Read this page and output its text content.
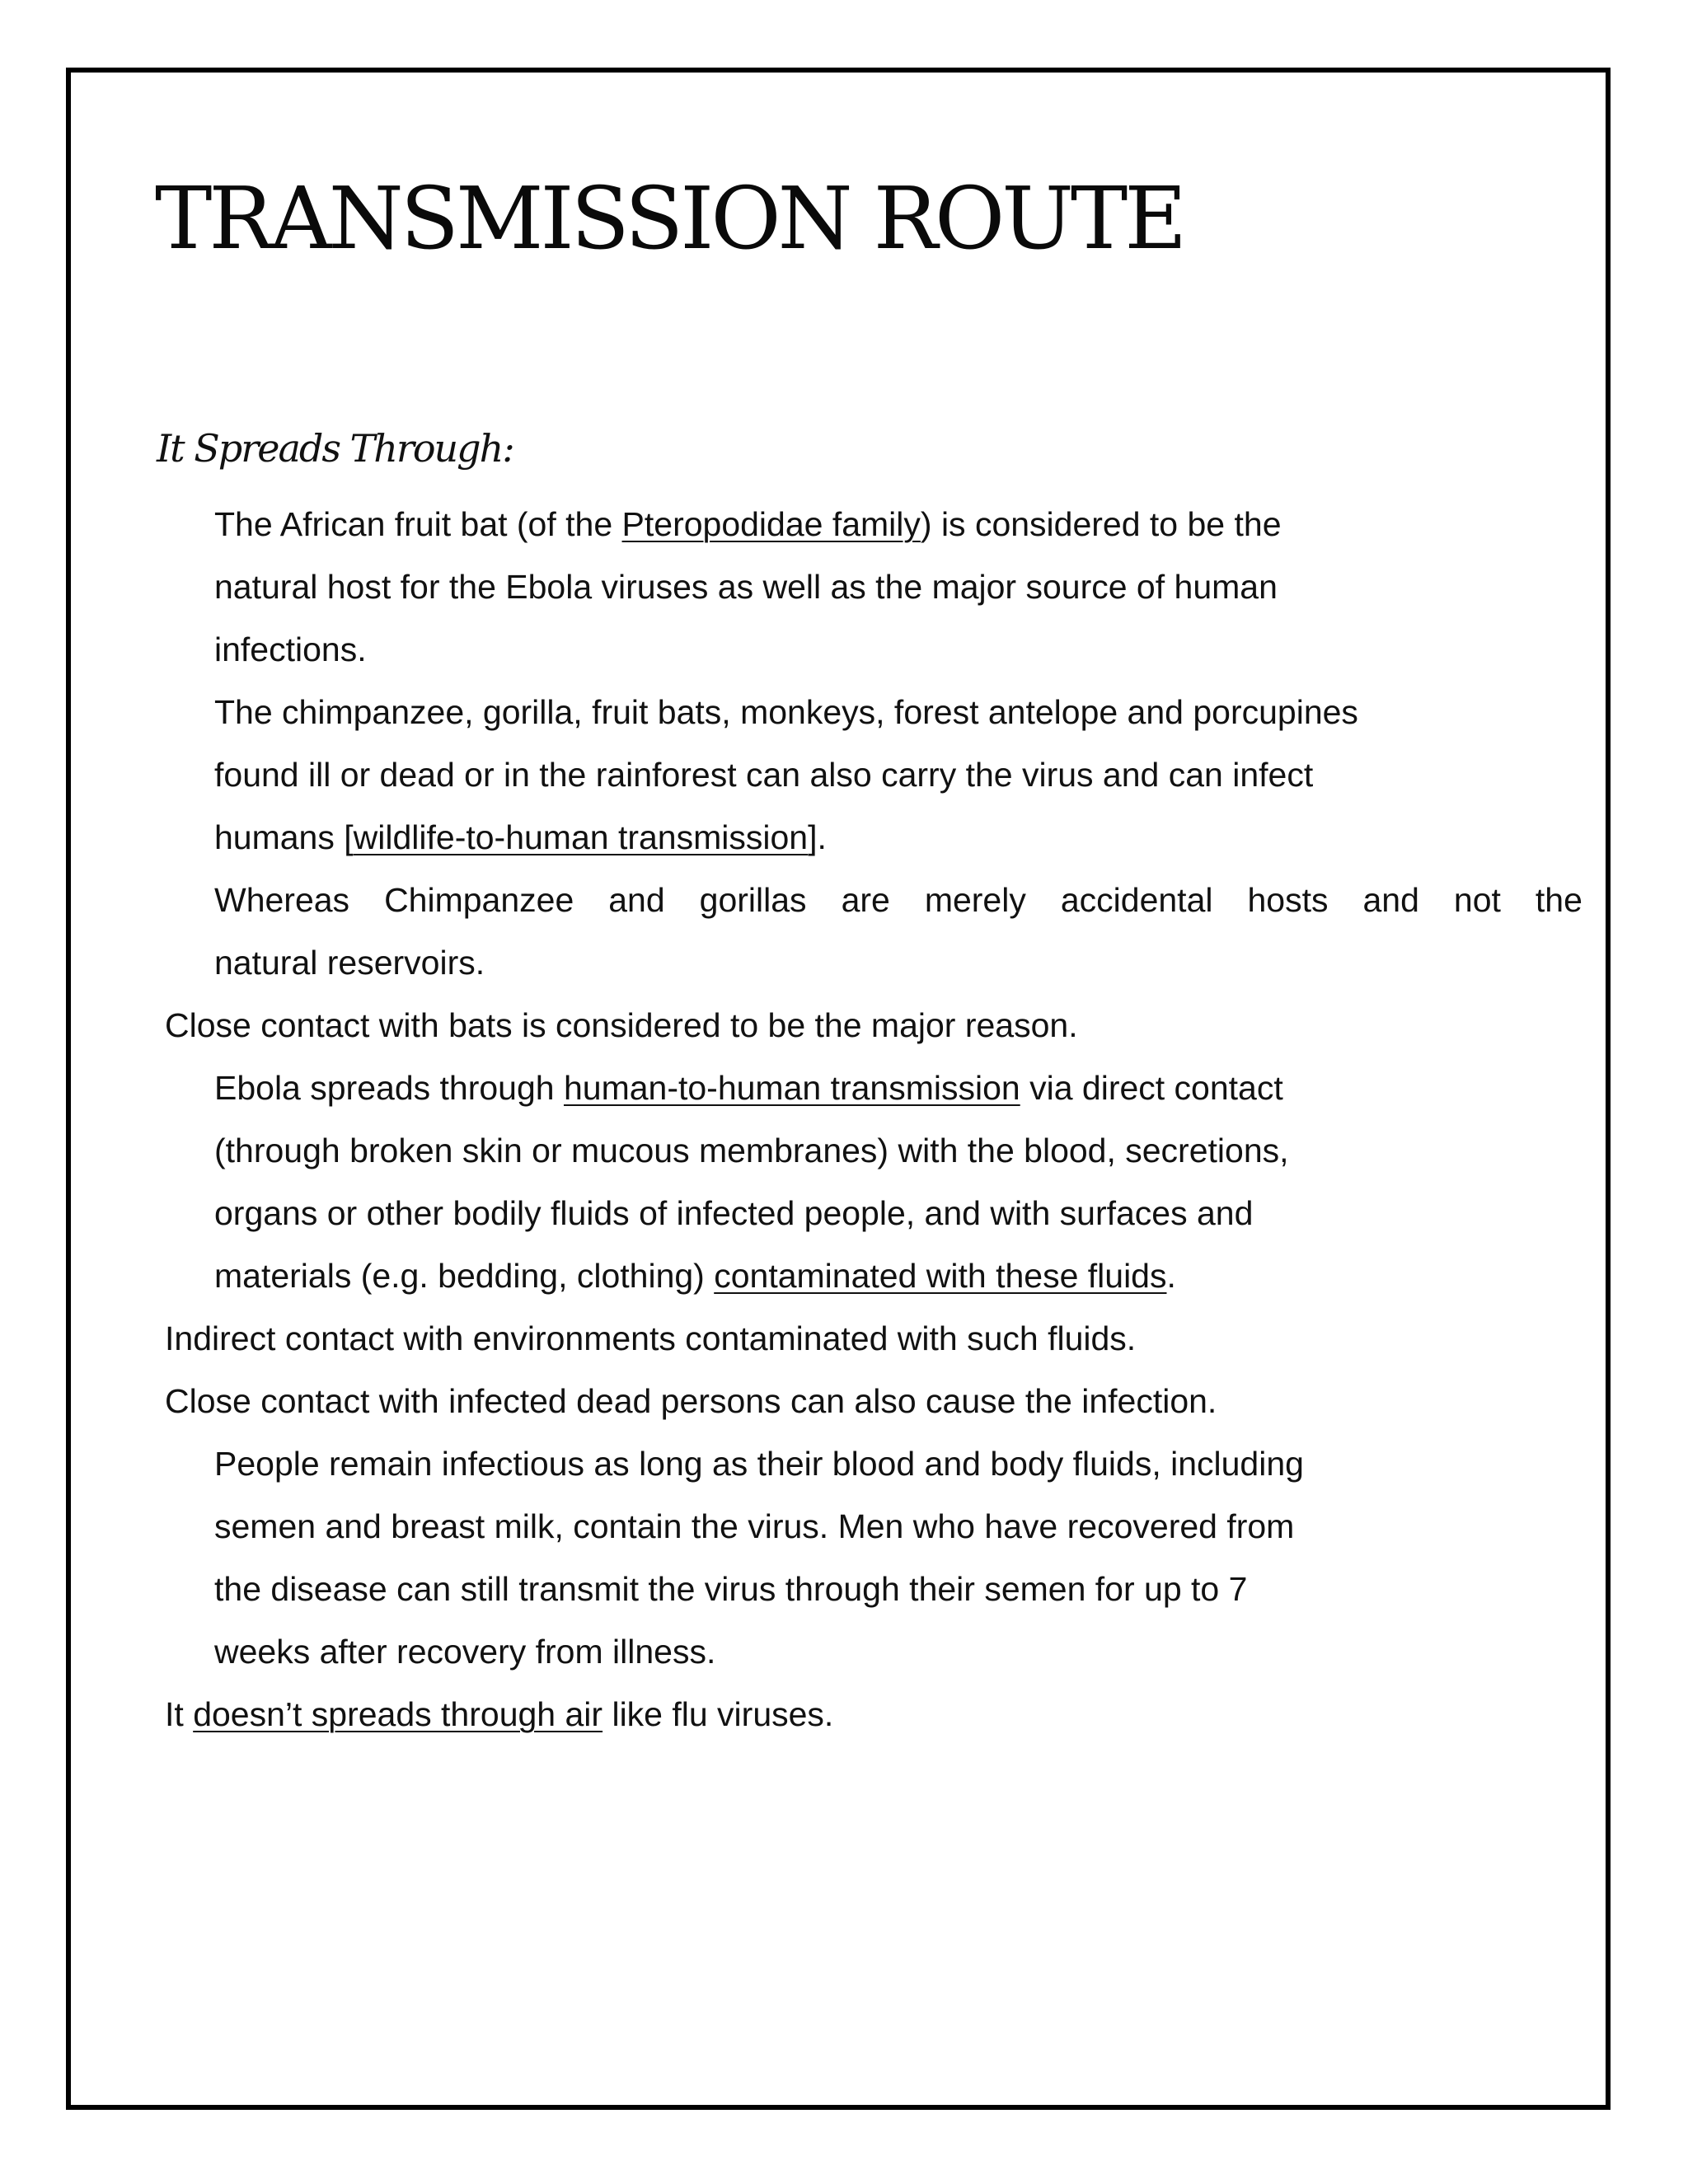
TRANSMISSION ROUTE
It Spreads Through:
The African fruit bat (of the Pteropodidae family) is considered to be the
natural host for the Ebola viruses as well as the major source of human
infections.
The chimpanzee, gorilla, fruit bats, monkeys, forest antelope and porcupines
found ill or dead or in the rainforest can also carry the virus and can infect
humans [wildlife-to-human transmission].
Whereas Chimpanzee and gorillas are merely accidental hosts and not the
natural reservoirs.
Close contact with bats is considered to be the major reason.
Ebola spreads through human-to-human transmission via direct contact
(through broken skin or mucous membranes) with the blood, secretions,
organs or other bodily fluids of infected people, and with surfaces and
materials (e.g. bedding, clothing) contaminated with these fluids.
Indirect contact with environments contaminated with such fluids.
Close contact with infected dead persons can also cause the infection.
People remain infectious as long as their blood and body fluids, including
semen and breast milk, contain the virus. Men who have recovered from
the disease can still transmit the virus through their semen for up to 7
weeks after recovery from illness.
It doesn’t spreads through air like flu viruses.
